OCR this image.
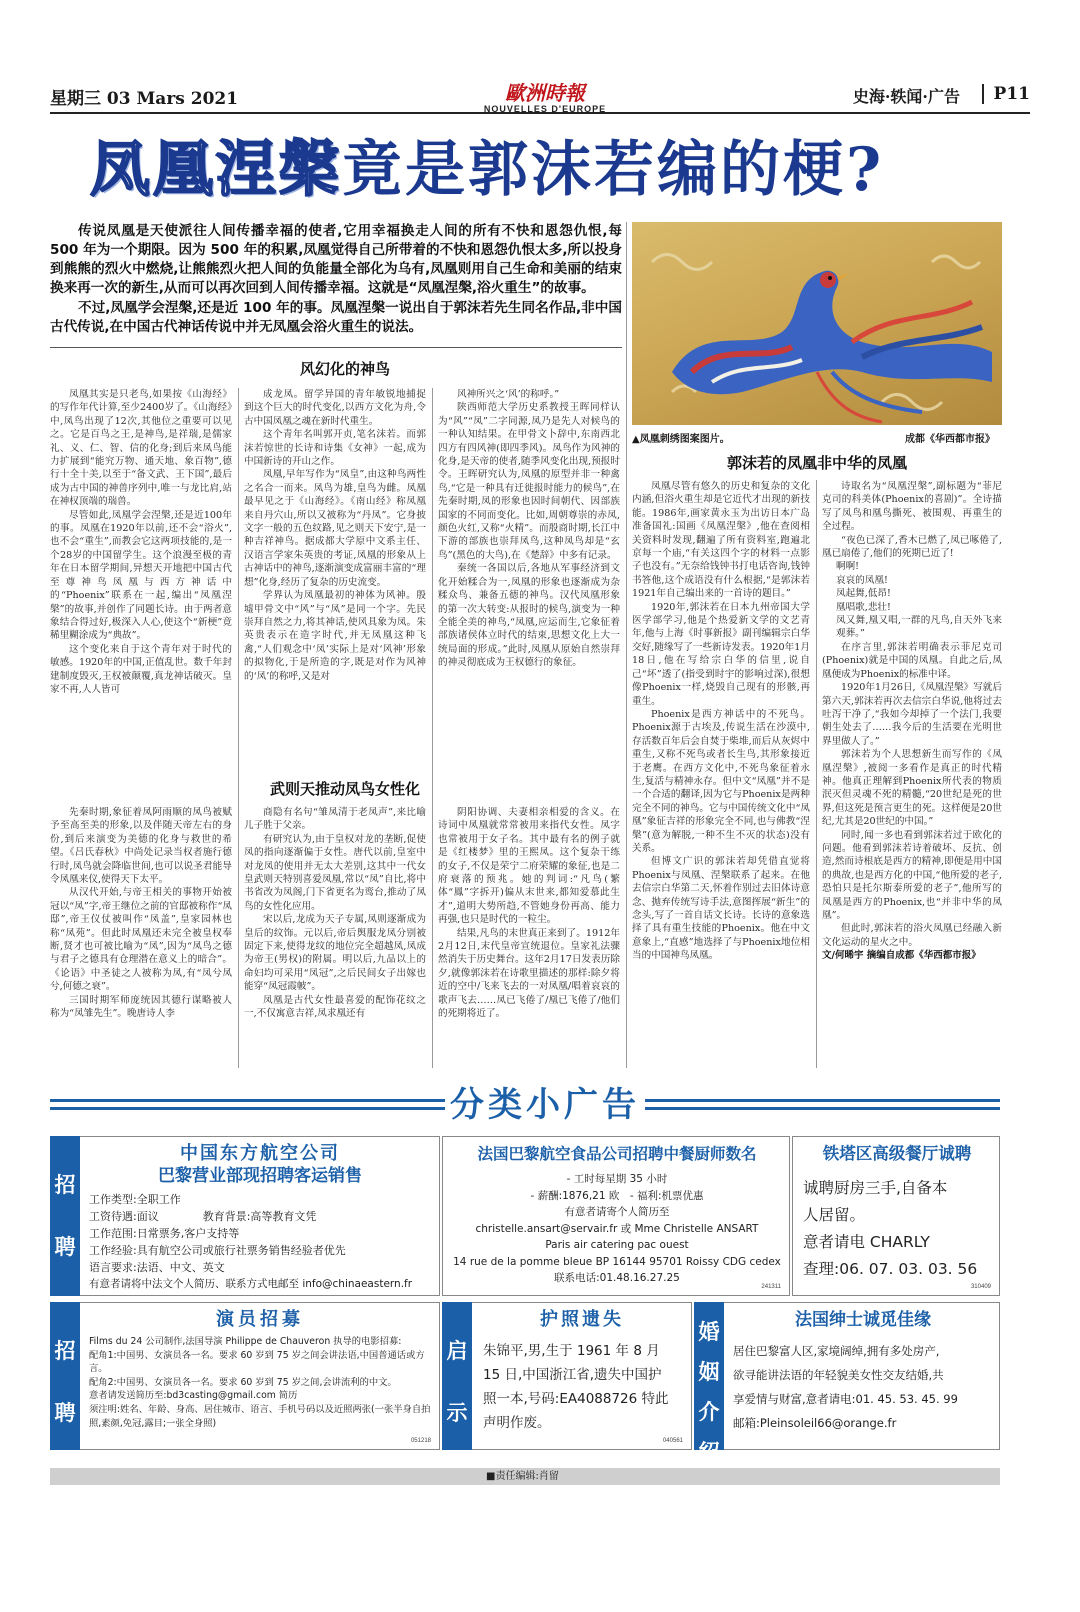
星期三 03 Mars 2021	歐洲時報
NOUVELLES D'EUROPE
史海·轶闻·广告	P11
凤凰涅槃竟是郭沫若编的梗?

传说凤凰是天使派往人间传播幸福的使者,它用幸福换走人间的所有不快和恩怨仇恨,每 500 年为一个期限。因为 500 年的积累,凤凰觉得自己所带着的不快和恩怨仇恨太多,所以投身到熊熊的烈火中燃烧,让熊熊烈火把人间的负能量全部化为乌有,凤凰则用自己生命和美丽的结束换来再一次的新生,从而可以再次回到人间传播幸福。这就是“凤凰涅槃,浴火重生”的故事。

不过,凤凰学会涅槃,还是近 100 年的事。凤凰涅槃一说出自于郭沫若先生同名作品,非中国古代传说,在中国古代神话传说中并无凤凰会浴火重生的说法。

▲凤凰刺绣图案图片。	成都《华西都市报》
风幻化的神鸟
郭沫若的凤凰非中华的凤凰
武则天推动凤鸟女性化

凤凰其实是只老鸟,如果按《山海经》的写作年代计算,至少2400岁了。《山海经》中,凤鸟出现了12次,其他位之重要可以见之。它是百鸟之王,是神鸟,是祥瑞,是儒家礼、义、仁、智、信的化身;到后来凤鸟能力扩展到“能究万物、通天地、象百物”,德行十全十美,以至于“备文武、王下国”,最后成为古中国的神兽序列中,唯一与龙比肩,站在神权顶端的瑞兽。

尽管如此,凤凰学会涅槃,还是近100年的事。凤凰在1920年以前,还不会“浴火”,也不会“重生”,而教会它这两项技能的,是一个28岁的中国留学生。这个浪漫至极的青年在日本留学期间,异想天开地把中国古代至尊神鸟凤凰与西方神话中的“Phoenix”联系在一起,编出“凤凰涅槃”的故事,并创作了同题长诗。由于两者意象结合得过好,极深入人心,使这个“新梗”竟稀里糊涂成为“典故”。

这个变化来自于这个青年对于时代的敏感。1920年的中国,正值乱世。数千年封建制度毁灭,王权被颠覆,真龙神话破灭。皇家不再,人人皆可

成龙凤。留学异国的青年敏锐地捕捉到这个巨大的时代变化,以西方文化为舟,令古中国凤凰之魂在新时代重生。

这个青年名叫郭开贞,笔名沫若。而郭沫若惊世的长诗和诗集《女神》一起,成为中国新诗的开山之作。

凤凰,早年写作为“凤皇”,由这种鸟两性之名合一而来。凤鸟为雄,皇鸟为雌。凤凰最早见之于《山海经》。《南山经》称凤凰来自丹穴山,所以又被称为“丹凤”。它身披文字一般的五色纹路,见之则天下安宁,是一种吉祥神鸟。据成都大学原中文系主任、汉语言学家朱英贵的考证,凤凰的形象从上古神话中的神鸟,逐渐演变成富丽丰富的“理想”化身,经历了复杂的历史流变。

学界认为凤凰最初的神体为风神。殷墟甲骨文中“风”与“凤”是同一个字。先民崇拜自然之力,将其神话,使风具象为凤。朱英贵表示在造字时代,并无凤凰这种飞禽,“人们观念中‘凤’实际上是对‘风神’形象的拟物化,于是所造的字,既是对作为风神的‘凤’的称呼,又是对

风神所兴之‘风’的称呼。”

陕西师范大学历史系教授王晖同样认为“风”“凤”二字同源,凤乃是先人对候鸟的一种认知结果。在甲骨文卜辞中,东南西北四方有四风神(即四季风)。凤鸟作为风神的化身,是天帝的使者,随季风变化出现,预报时令。王晖研究认为,凤凰的原型并非一种禽鸟,“它是一种具有迁徙报时能力的候鸟”,在先秦时期,凤的形象也因时间朝代、因部族国家的不同而变化。比如,周朝尊崇的赤凤,颜色火红,又称“火精”。而殷商时期,长江中下游的部族也崇拜凤鸟,这种凤鸟却是“玄鸟”(黑色的大鸟),在《楚辞》中多有记录。

秦统一各国以后,各地从军事经济到文化开始糅合为一,凤凰的形象也逐渐成为杂糅众鸟、兼备五德的神鸟。汉代凤凰形象的第一次大转变:从报时的候鸟,演变为一种全能全美的神鸟,“凤凰,应运而生,它象征着部族诸侯体立时代的结束,思想文化上大一统局面的形成。”此时,凤凰从原始自然崇拜的神灵彻底成为王权德行的象征。

凤凰尽管有悠久的历史和复杂的文化内涵,但浴火重生却是它近代才出现的新技能。1986年,画家黄永玉为出访日本广岛准备国礼:国画《凤凰涅槃》,他在查阅相关资料时发现,翻遍了所有资料室,跑遍北京每一个庙,“有关这四个字的材料一点影子也没有。”无奈给钱钟书打电话咨询,钱钟书答他,这个成语没有什么根据,“是郭沫若1921年自己编出来的一首诗的题目。”

1920年,郭沫若在日本九州帝国大学医学部学习,他是个热爱新文学的文艺青年,他与上海《时事新报》副刊编辑宗白华交好,随缘写了一些新诗发表。1920年1月18日,他在写给宗白华的信里,说自己“坏”透了(指受到时宇的影响过深),很想像Phoenix一样,烧毁自己现有的形骸,再重生。

Phoenix是西方神话中的不死鸟。Phoenix源于古埃及,传说生活在沙漠中,存活数百年后会自焚于柴堆,而后从灰烬中重生,又称不死鸟或者长生鸟,其形象接近于老鹰。在西方文化中,不死鸟象征着永生,复活与精神永存。但中文“凤凰”并不是一个合适的翻译,因为它与Phoenix是两种完全不同的神鸟。它与中国传统文化中“凤凰”象征吉祥的形象完全不同,也与佛教“涅槃”(意为解脱,一种不生不灭的状态)没有关系。

但博文广识的郭沫若却凭借直觉将Phoenix与凤凰、涅槃联系了起来。在他去信宗白华第二天,怀着作别过去旧体诗意念、抛弃传统写诗手法,意图挥展“新生”的念头,写了一首自话文长诗。长诗的意象选择了具有重生技能的Phoenix。他在中文意象上,“直感”地选择了与Phoenix地位相当的中国神鸟凤凰。

诗取名为“凤凰涅槃”,副标题为“菲尼克司的科美体(Phoenix的喜剧)”。全诗描写了凤鸟和凰鸟撕死、被围观、再重生的全过程。

“夜色已深了,香木已燃了,凤已啄倦了,凰已扇倦了,他们的死期已近了!

啊啊!

哀哀的凤凰!

凤起舞,低昂!

凰唱歌,悲壮!

凤又舞,凰又唱,一群的凡鸟,自天外飞来观葬。”

在序言里,郭沫若明确表示菲尼克司(Phoenix)就是中国的凤凰。自此之后,凤凰便成为Phoenix的标准中译。

1920年1月26日,《凤凰涅槃》写就后第六天,郭沫若再次去信宗白华说,他将过去吐泻干净了,“我如今却掉了一个法门,我要朝生处去了……我今后的生活要在光明世界里做人了。”

郭沫若为个人思想新生而写作的《凤凰涅槃》,被阅一多看作是真正的时代精神。他真正理解到Phoenix所代表的物质泯灭但灵魂不死的精髓,“20世纪是死的世界,但这死是预言更生的死。这样便是20世纪,尤其是20世纪的中国。”

同时,闻一多也看到郭沫若过于欧化的问题。他看到郭沫若诗着破坏、反抗、创造,然而诗根底是西方的精神,即便是用中国的典故,也是西方化的中国,“他所爱的老子,恐怕只是托尔斯泰所爱的老子”,他所写的凤凰是西方的Phoenix,也“并非中华的凤凰”。

但此时,郭沫若的浴火凤凰已经融入新文化运动的星火之中。

文/何晞宇 摘编自成都《华西都市报》

先秦时期,象征着凤阿雨顺的凤鸟被赋予至高至美的形象,以及伴随天帝左右的身份,到后来演变为美德的化身与救世的希望。《吕氏春秋》中尚处记录当权者施行德行时,凤鸟就会降临世间,也可以说圣君能导令凤凰来仪,使得天下太平。

从汉代开始,与帝王相关的事物开始被冠以“凤”字,帝王继位之前的官邸被称作“凤邸”,帝王仪仗被叫作“凤盖”,皇家园林也称“凤苑”。但此时凤凰还未完全被皇权奉断,贤才也可被比喻为“凤”,因为“凤鸟之德与君子之德具有仓理潜在意义上的暗合”。《论语》中圣徒之人被称为凤,有“凤兮凤兮,何德之衰”。

三国时期军师庞统因其德行谋略被人称为“凤雏先生”。晚唐诗人李

商隐有名句“雏凤清于老凤声”,来比喻儿子胜于父亲。

有研究认为,由于皇权对龙的垄断,促使凤的指向逐渐偏于女性。唐代以前,皇室中对龙凤的使用并无太大差别,这其中一代女皇武则天特别喜爱凤凰,常以“凤”自比,将中书省改为凤阁,门下省更名为鸾台,推动了凤鸟的女性化应用。

宋以后,龙成为天子专属,凤则逐渐成为皇后的纹饰。元以后,帝后舆服龙凤分别被固定下来,使得龙纹的地位完全超越凤,凤成为帝王(男权)的附属。明以后,九品以上的命妇均可采用“凤冠”,之后民间女子出嫁也能穿“凤冠霞帔”。

凤凰是古代女性最喜爱的配饰花纹之一,不仅寓意吉祥,凤求凰还有

阴阳协调、夫妻相亲相爱的含义。在诗词中凤凰就常常被用来指代女性。凤字也常被用于女子名。其中最有名的例子就是《红楼梦》里的王熙凤。这个复杂干练的女子,不仅是荣宁二府荣耀的象征,也是二府衰落的预兆。她的判词:“凡鸟(繁体“鳳”字拆开)偏从末世来,都知爱慕此生才”,道明大势所趋,不管她身份再高、能力再强,也只是时代的一粒尘。

结果,凡鸟的末世真正来到了。1912年2月12日,末代皇帝宣统退位。皇家礼法骤然消失于历史舞台。这年2月17日发表历除夕,就像郭沫若在诗歌里描述的那样:除夕将近的空中/飞来飞去的一对凤凰/唱着哀哀的歌声飞去……凤已飞倦了/凰已飞倦了/他们的死期将近了。

分类小广告
招聘
中国东方航空公司
巴黎营业部现招聘客运销售
工作类型:全职工作
工资待遇:面议　　　　教育背景:高等教育文凭
工作范围:日常票务,客户支持等
工作经验:具有航空公司或旅行社票务销售经验者优先
语言要求:法语、中文、英文
有意者请将中法文个人简历、联系方式电邮至 info@chinaeastern.fr
法国巴黎航空食品公司招聘中餐厨师数名
- 工时每星期 35 小时
- 薪酬:1876,21 欧　- 福利:机票优惠
有意者请寄个人简历至
christelle.ansart@servair.fr 或 Mme Christelle ANSART
Paris air catering pac ouest
14 rue de la pomme bleue BP 16144 95701 Roissy CDG cedex
联系电话:01.48.16.27.25
241311
铁塔区高级餐厅诚聘
诚聘厨房三手,自备本
人居留。
意者请电 CHARLY
查理:06. 07. 03. 03. 56
310409
招聘
演员招募
Films du 24 公司制作,法国导演 Philippe de Chauveron 执导的电影招募:
配角1:中国男、女演员各一名。要求 60 岁到 75 岁之间会讲法语,中国普通话或方言。
配角2:中国男、女演员各一名。要求 60 岁到 75 岁之间,会讲流利的中文。
意者请发送简历至:bd3casting@gmail.com 简历
须注明:姓名、年龄、身高、居住城市、语言、手机号码以及近照两张(一张半身自拍照,素颜,免冠,露目;一张全身照)
051218
启示
护照遗失
朱锦平,男,生于 1961 年 8 月
15 日,中国浙江省,遗失中国护
照一本,号码:EA4088726 特此
声明作废。
040561
婚姻介绍
法国绅士诚觅佳缘
居住巴黎富人区,家境阔绰,拥有多处房产,
欲寻能讲法语的年轻貌美女性交友结婚,共
享爱情与财富,意者请电:01. 45. 53. 45. 99
邮箱:Pleinsoleil66@orange.fr
■责任编辑:肖留
